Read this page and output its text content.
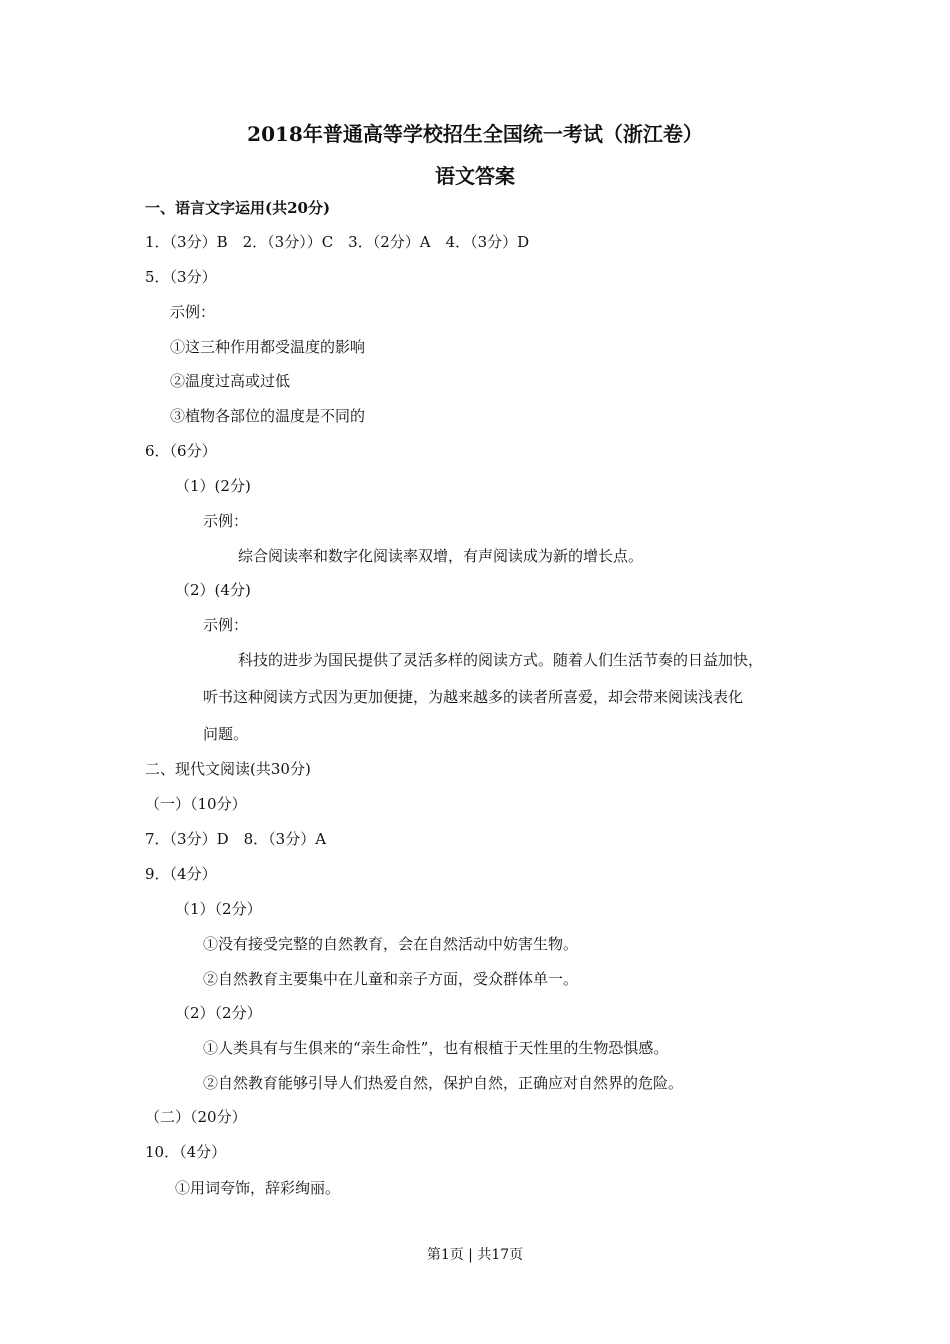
2018年普通高等学校招生全国统一考试（浙江卷）
语文答案
一、语言文字运用(共20分)
1．（3分）B　2．（3分））C　3．（2分）A　4．（3分）D
5．（3分）
示例：
①这三种作用都受温度的影响
②温度过高或过低
③植物各部位的温度是不同的
6．（6分）
（1）(2分)
示例：
综合阅读率和数字化阅读率双增，有声阅读成为新的增长点。
（2）(4分)
示例：
科技的进步为国民提供了灵活多样的阅读方式。随着人们生活节奏的日益加快，
听书这种阅读方式因为更加便捷，为越来越多的读者所喜爱，却会带来阅读浅表化
问题。
二、现代文阅读(共30分)
（一）（10分）
7．（3分）D　8．（3分）A
9．（4分）
（1）（2分）
①没有接受完整的自然教育，会在自然活动中妨害生物。
②自然教育主要集中在儿童和亲子方面，受众群体单一。
（2）（2分）
①人类具有与生俱来的“亲生命性”，也有根植于天性里的生物恐惧感。
②自然教育能够引导人们热爱自然，保护自然，正确应对自然界的危险。
（二）（20分）
10．（4分）
①用词夸饰，辞彩绚丽。
第1页 | 共17页
